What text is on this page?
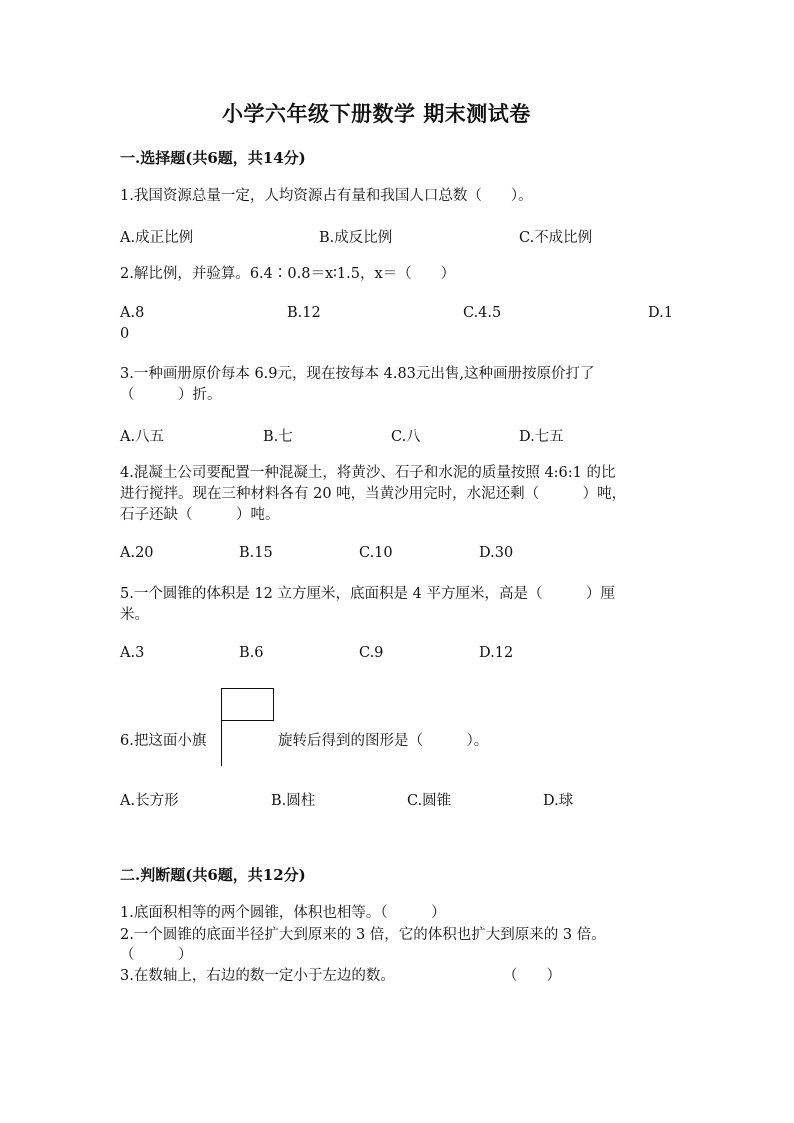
小学六年级下册数学 期末测试卷
一.选择题(共6题，共14分)
1.我国资源总量一定，人均资源占有量和我国人口总数（　　）。
A.成正比例	B.成反比例	C.不成比例
2.解比例，并验算。6.4∶0.8＝x∶1.5，x＝（　　）
A.8	B.12	C.4.5	D.1
0
3.一种画册原价每本 6.9元，现在按每本 4.83元出售,这种画册按原价打了
（　　　）折。
A.八五	B.七	C.八	D.七五
4.混凝土公司要配置一种混凝土，将黄沙、石子和水泥的质量按照 4:6:1 的比
进行搅拌。现在三种材料各有 20 吨，当黄沙用完时，水泥还剩（　　　）吨，
石子还缺（　　　）吨。
A.20	B.15	C.10	D.30
5.一个圆锥的体积是 12 立方厘米，底面积是 4 平方厘米，高是（　　　）厘
米。
A.3	B.6	C.9	D.12
6.把这面小旗	旋转后得到的图形是（　　　）。
A.长方形	B.圆柱	C.圆锥	D.球
二.判断题(共6题，共12分)
1.底面积相等的两个圆锥，体积也相等。（　　　）
2.一个圆锥的底面半径扩大到原来的 3 倍，它的体积也扩大到原来的 3 倍。
（　　　）
3.在数轴上，右边的数一定小于左边的数。	（　　）
